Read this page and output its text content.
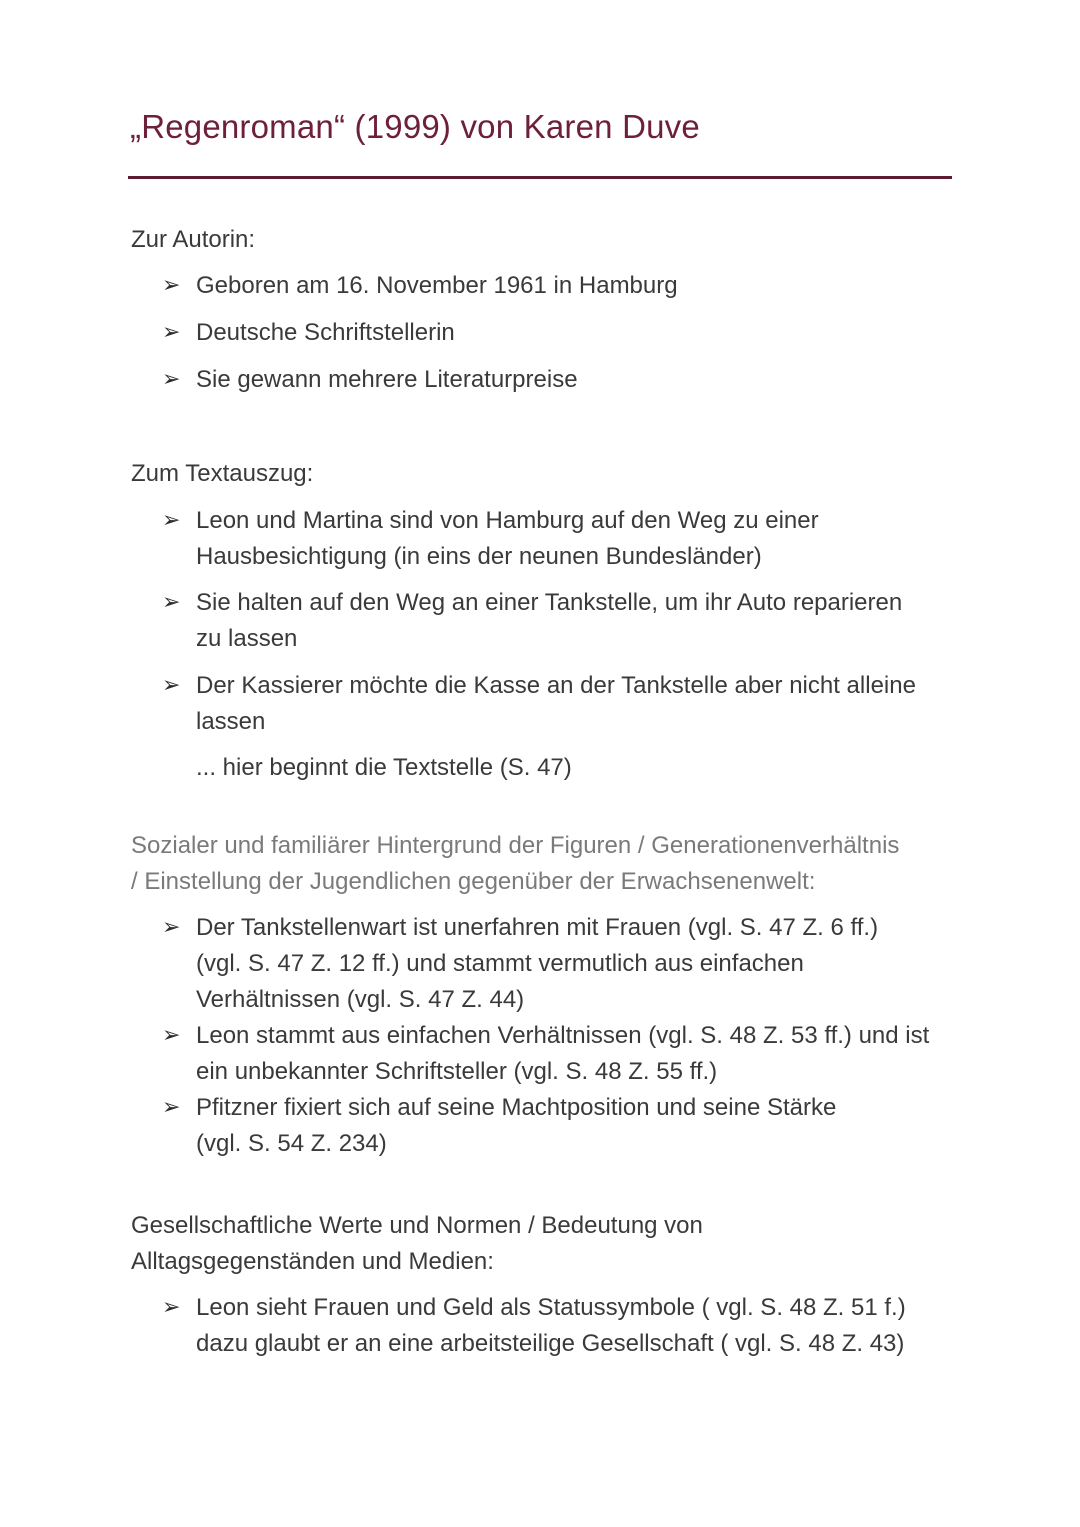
„Regenroman“ (1999) von Karen Duve
Zur Autorin:
➢ Geboren am 16. November 1961 in Hamburg
➢ Deutsche Schriftstellerin
➢ Sie gewann mehrere Literaturpreise
Zum Textauszug:
➢ Leon und Martina sind von Hamburg auf den Weg zu einer
Hausbesichtigung (in eins der neunen Bundesländer)
➢ Sie halten auf den Weg an einer Tankstelle, um ihr Auto reparieren
zu lassen
➢ Der Kassierer möchte die Kasse an der Tankstelle aber nicht alleine
lassen
... hier beginnt die Textstelle (S. 47)
Sozialer und familiärer Hintergrund der Figuren / Generationenverhältnis
/ Einstellung der Jugendlichen gegenüber der Erwachsenenwelt:
➢ Der Tankstellenwart ist unerfahren mit Frauen (vgl. S. 47 Z. 6 ff.)
(vgl. S. 47 Z. 12 ff.) und stammt vermutlich aus einfachen
Verhältnissen (vgl. S. 47 Z. 44)
➢ Leon stammt aus einfachen Verhältnissen (vgl. S. 48 Z. 53 ff.) und ist
ein unbekannter Schriftsteller (vgl. S. 48 Z. 55 ff.)
➢ Pfitzner fixiert sich auf seine Machtposition und seine Stärke
(vgl. S. 54 Z. 234)
Gesellschaftliche Werte und Normen / Bedeutung von
Alltagsgegenständen und Medien:
➢ Leon sieht Frauen und Geld als Statussymbole ( vgl. S. 48 Z. 51 f.)
dazu glaubt er an eine arbeitsteilige Gesellschaft ( vgl. S. 48 Z. 43)
